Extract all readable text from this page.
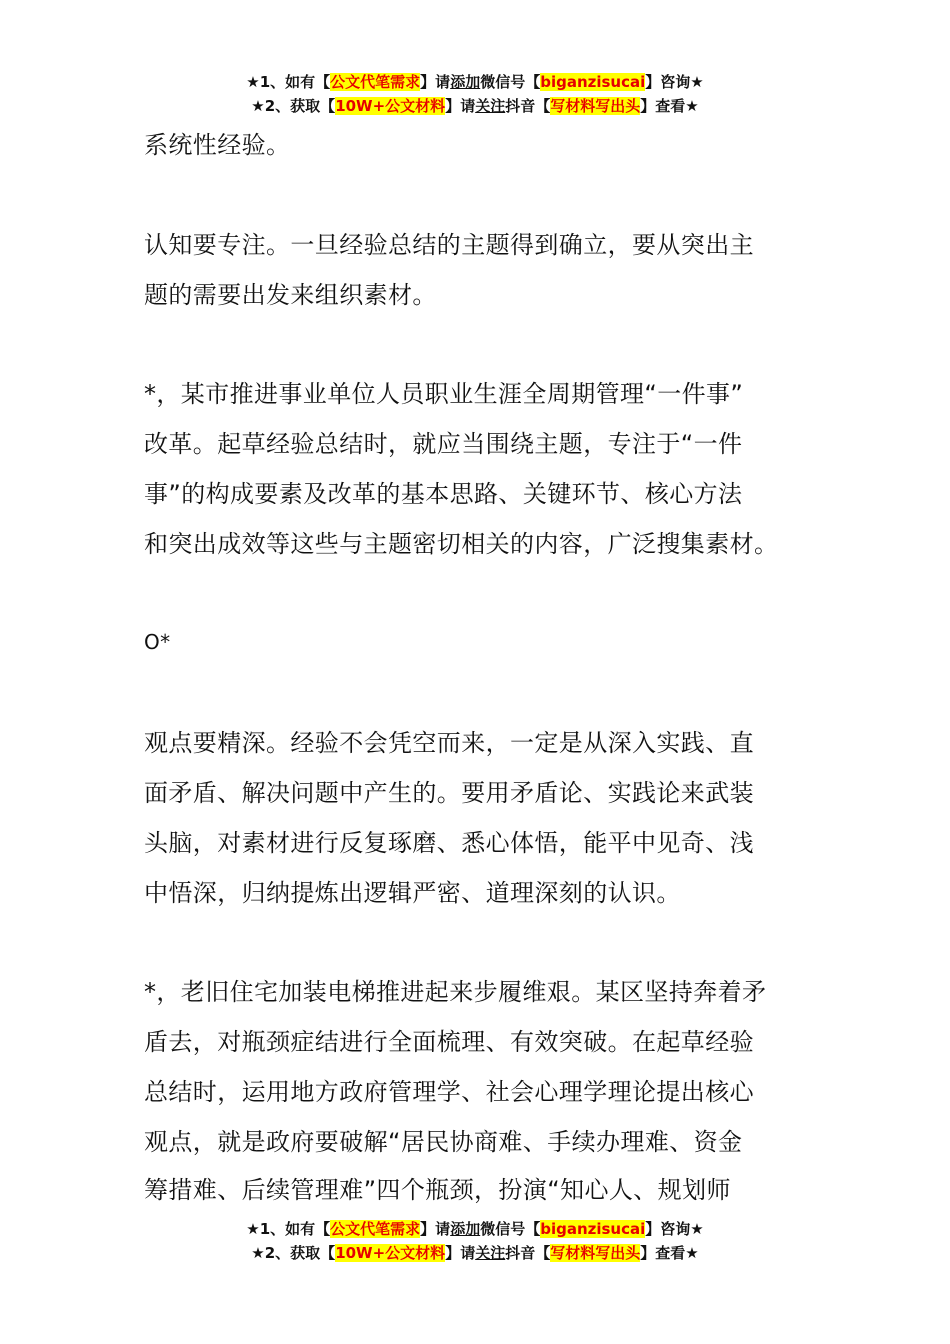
★1、如有【公文代笔需求】请添加微信号【biganzisucai】咨询★
★2、获取【10W+公文材料】请关注抖音【写材料写出头】查看★
系统性经验。
认知要专注。一旦经验总结的主题得到确立，要从突出主
题的需要出发来组织素材。
*，某市推进事业单位人员职业生涯全周期管理“一件事”
改革。起草经验总结时，就应当围绕主题，专注于“一件
事”的构成要素及改革的基本思路、关键环节、核心方法
和突出成效等这些与主题密切相关的内容，广泛搜集素材。
O*
观点要精深。经验不会凭空而来，一定是从深入实践、直
面矛盾、解决问题中产生的。要用矛盾论、实践论来武装
头脑，对素材进行反复琢磨、悉心体悟，能平中见奇、浅
中悟深，归纳提炼出逻辑严密、道理深刻的认识。
*，老旧住宅加装电梯推进起来步履维艰。某区坚持奔着矛
盾去，对瓶颈症结进行全面梳理、有效突破。在起草经验
总结时，运用地方政府管理学、社会心理学理论提出核心
观点，就是政府要破解“居民协商难、手续办理难、资金
筹措难、后续管理难”四个瓶颈，扮演“知心人、规划师
★1、如有【公文代笔需求】请添加微信号【biganzisucai】咨询★
★2、获取【10W+公文材料】请关注抖音【写材料写出头】查看★
